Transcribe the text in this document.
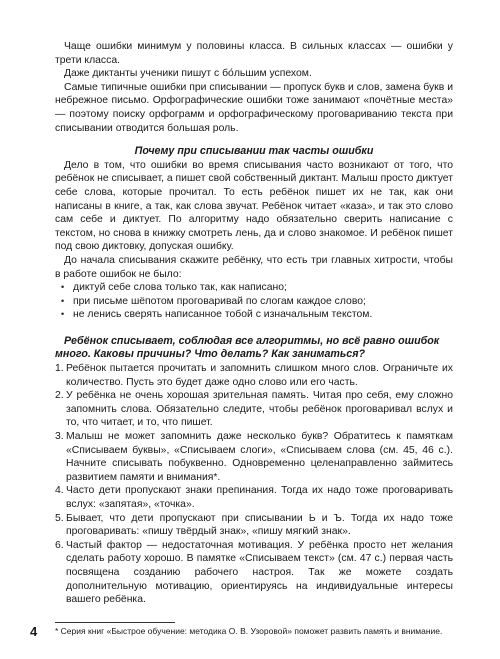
Чаще ошибки минимум у половины класса. В сильных классах — ошибки у трети класса.

Даже диктанты ученики пишут с бо́льшим успехом.

Самые типичные ошибки при списывании — пропуск букв и слов, замена букв и небрежное письмо. Орфографические ошибки тоже занимают «почётные места» — поэтому поиску орфограмм и орфографическому проговариванию текста при списывании отводится большая роль.

Почему при списывании так часты ошибки

Дело в том, что ошибки во время списывания часто возникают от того, что ребёнок не списывает, а пишет свой собственный диктант. Малыш просто диктует себе слова, которые прочитал. То есть ребёнок пишет их не так, как они написаны в книге, а так, как слова звучат. Ребёнок читает «каза», и так это слово сам себе и диктует. По алгоритму надо обязательно сверить написание с текстом, но снова в книжку смотреть лень, да и слово знакомое. И ребёнок пишет под свою диктовку, допуская ошибку.

До начала списывания скажите ребёнку, что есть три главных хитрости, чтобы в работе ошибок не было:

• диктуй себе слова только так, как написано;
• при письме шёпотом проговаривай по слогам каждое слово;
• не ленись сверять написанное тобой с изначальным текстом.
Ребёнок списывает, соблюдая все алгоритмы, но всё равно ошибок много. Каковы причины? Что делать? Как заниматься?
1. Ребёнок пытается прочитать и запомнить слишком много слов. Ограничьте их количество. Пусть это будет даже одно слово или его часть.
2. У ребёнка не очень хорошая зрительная память. Читая про себя, ему сложно запомнить слова. Обязательно следите, чтобы ребёнок проговаривал вслух и то, что читает, и то, что пишет.
3. Малыш не может запомнить даже несколько букв? Обратитесь к памяткам «Списываем буквы», «Списываем слоги», «Списываем слова (см. 45, 46 с.). Начните списывать побуквенно. Одновременно целенаправленно займитесь развитием памяти и внимания*.
4. Часто дети пропускают знаки препинания. Тогда их надо тоже проговаривать вслух: «запятая», «точка».
5. Бывает, что дети пропускают при списывании Ь и Ъ. Тогда их надо тоже проговаривать: «пишу твёрдый знак», «пишу мягкий знак».
6. Частый фактор — недостаточная мотивация. У ребёнка просто нет желания сделать работу хорошо. В памятке «Списываем текст» (см. 47 с.) первая часть посвящена созданию рабочего настроя. Так же можете создать дополнительную мотивацию, ориентируясь на индивидуальные интересы вашего ребёнка.
* Серия книг «Быстрое обучение: методика О. В. Узоровой» поможет развить память и внимание.
4
